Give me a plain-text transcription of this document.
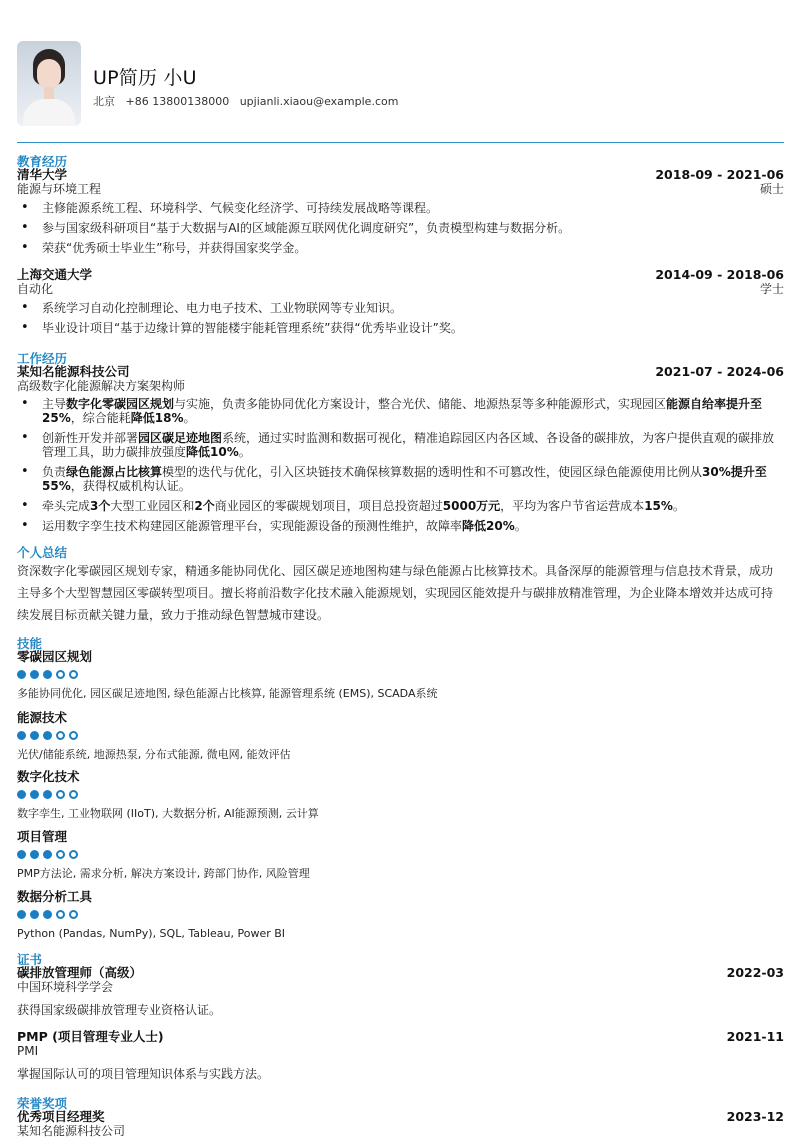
UP简历 小U
北京 +86 13800138000 upjianli.xiaou@example.com
教育经历
清华大学
能源与环境工程
2018-09 - 2021-06
硕士
• 主修能源系统工程、环境科学、气候变化经济学、可持续发展战略等课程。
• 参与国家级科研项目“基于大数据与AI的区域能源互联网优化调度研究”，负责模型构建与数据分析。
• 荣获“优秀硕士毕业生”称号，并获得国家奖学金。
上海交通大学
自动化
2014-09 - 2018-06
学士
• 系统学习自动化控制理论、电力电子技术、工业物联网等专业知识。
• 毕业设计项目“基于边缘计算的智能楼宇能耗管理系统”获得“优秀毕业设计”奖。
工作经历
某知名能源科技公司
高级数字化能源解决方案架构师
2021-07 - 2024-06
• 主导数字化零碳园区规划与实施，负责多能协同优化方案设计，整合光伏、储能、地源热泵等多种能源形式，实现园区能源自给率提升至25%，综合能耗降低18%。
• 创新性开发并部署园区碳足迹地图系统，通过实时监测和数据可视化，精准追踪园区内各区域、各设备的碳排放，为客户提供直观的碳排放管理工具，助力碳排放强度降低10%。
• 负责绿色能源占比核算模型的迭代与优化，引入区块链技术确保核算数据的透明性和不可篡改性，使园区绿色能源使用比例从30%提升至55%，获得权威机构认证。
• 牵头完成3个大型工业园区和2个商业园区的零碳规划项目，项目总投资超过5000万元，平均为客户节省运营成本15%。
• 运用数字孪生技术构建园区能源管理平台，实现能源设备的预测性维护，故障率降低20%。
个人总结
资深数字化零碳园区规划专家，精通多能协同优化、园区碳足迹地图构建与绿色能源占比核算技术。具备深厚的能源管理与信息技术背景，成功主导多个大型智慧园区零碳转型项目。擅长将前沿数字化技术融入能源规划，实现园区能效提升与碳排放精准管理，为企业降本增效并达成可持续发展目标贡献关键力量，致力于推动绿色智慧城市建设。
技能
零碳园区规划
多能协同优化, 园区碳足迹地图, 绿色能源占比核算, 能源管理系统 (EMS), SCADA系统
能源技术
光伏/储能系统, 地源热泵, 分布式能源, 微电网, 能效评估
数字化技术
数字孪生, 工业物联网 (IIoT), 大数据分析, AI能源预测, 云计算
项目管理
PMP方法论, 需求分析, 解决方案设计, 跨部门协作, 风险管理
数据分析工具
Python (Pandas, NumPy), SQL, Tableau, Power BI
证书
碳排放管理师（高级）
中国环境科学学会
2022-03
获得国家级碳排放管理专业资格认证。
PMP (项目管理专业人士)
PMI
2021-11
掌握国际认可的项目管理知识体系与实践方法。
荣誉奖项
优秀项目经理奖
某知名能源科技公司
2023-12
